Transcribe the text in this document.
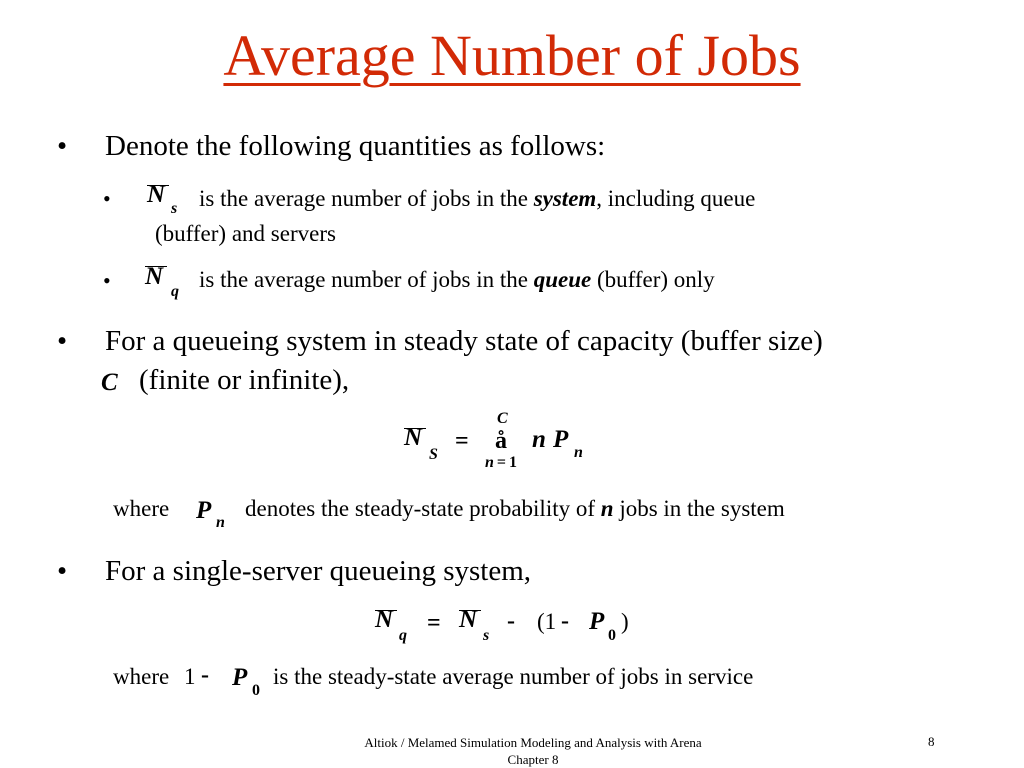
Average Number of Jobs
• Denote the following quantities as follows:
• N
s is the average number of jobs in the system, including queue
(buffer) and servers
• N
q is the average number of jobs in the queue (buffer) only
• For a queueing system in steady state of capacity (buffer size)
C (finite or infinite),
N
S
=
C
å
n = 1
n P n
where P n
denotes the steady-state probability of n jobs in the system
• For a single-server queueing system,
N
q = N
s
- (1 - P
0
)
where 1 - P 0
is the steady-state average number of jobs in service
Altiok / Melamed Simulation Modeling and Analysis with Arena
Chapter 8
8
